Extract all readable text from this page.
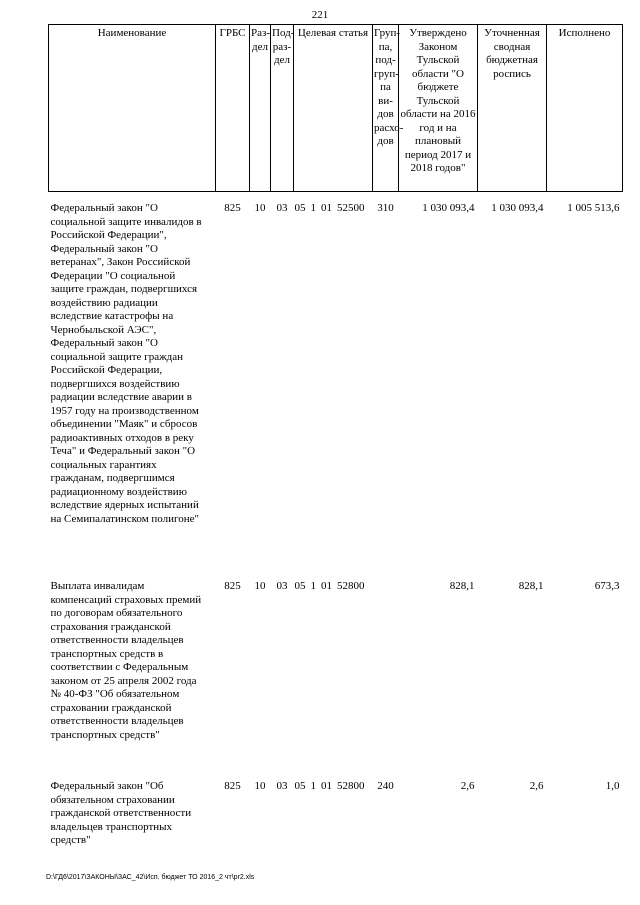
221
Наименование	ГРБС	Раз-дел	Под-раз-дел	Целевая статья	Груп-па, под-груп-па ви-дов расхо-дов	Утверждено Законом Тульской области "О бюджете Тульской области на 2016 год и на плановый период 2017 и 2018 годов"	Уточненная сводная бюджетная роспись	Исполнено
Федеральный закон "О социальной защите инвалидов в Российской Федерации", Федеральный закон "О ветеранах", Закон Российской Федерации "О социальной защите граждан, подвергшихся воздействию радиации вследствие катастрофы на Чернобыльской АЭС", Федеральный закон "О социальной защите граждан Российской Федерации, подвергшихся воздействию радиации вследствие аварии в 1957 году на производственном объединении "Маяк" и сбросов радиоактивных отходов в реку Теча" и Федеральный закон "О социальных гарантиях гражданам, подвергшимся радиационному воздействию вследствие ядерных испытаний на Семипалатинском полигоне"	825	10	03	05 1 01 52500	310	1 030 093,4	1 030 093,4	1 005 513,6
Выплата инвалидам компенсаций страховых премий по договорам обязательного страхования гражданской ответственности владельцев транспортных средств в соответствии с Федеральным законом от 25 апреля 2002 года № 40-ФЗ "Об обязательном страховании гражданской ответственности владельцев транспортных средств"	825	10	03	05 1 01 52800		828,1	828,1	673,3
Федеральный закон "Об обязательном страховании гражданской ответственности владельцев транспортных средств"	825	10	03	05 1 01 52800	240	2,6	2,6	1,0
D:\ГД6\2017\ЗАКОНЫ\ЗАС_42\Исп. бюджет ТО 2016_2 чт\pr2.xls
